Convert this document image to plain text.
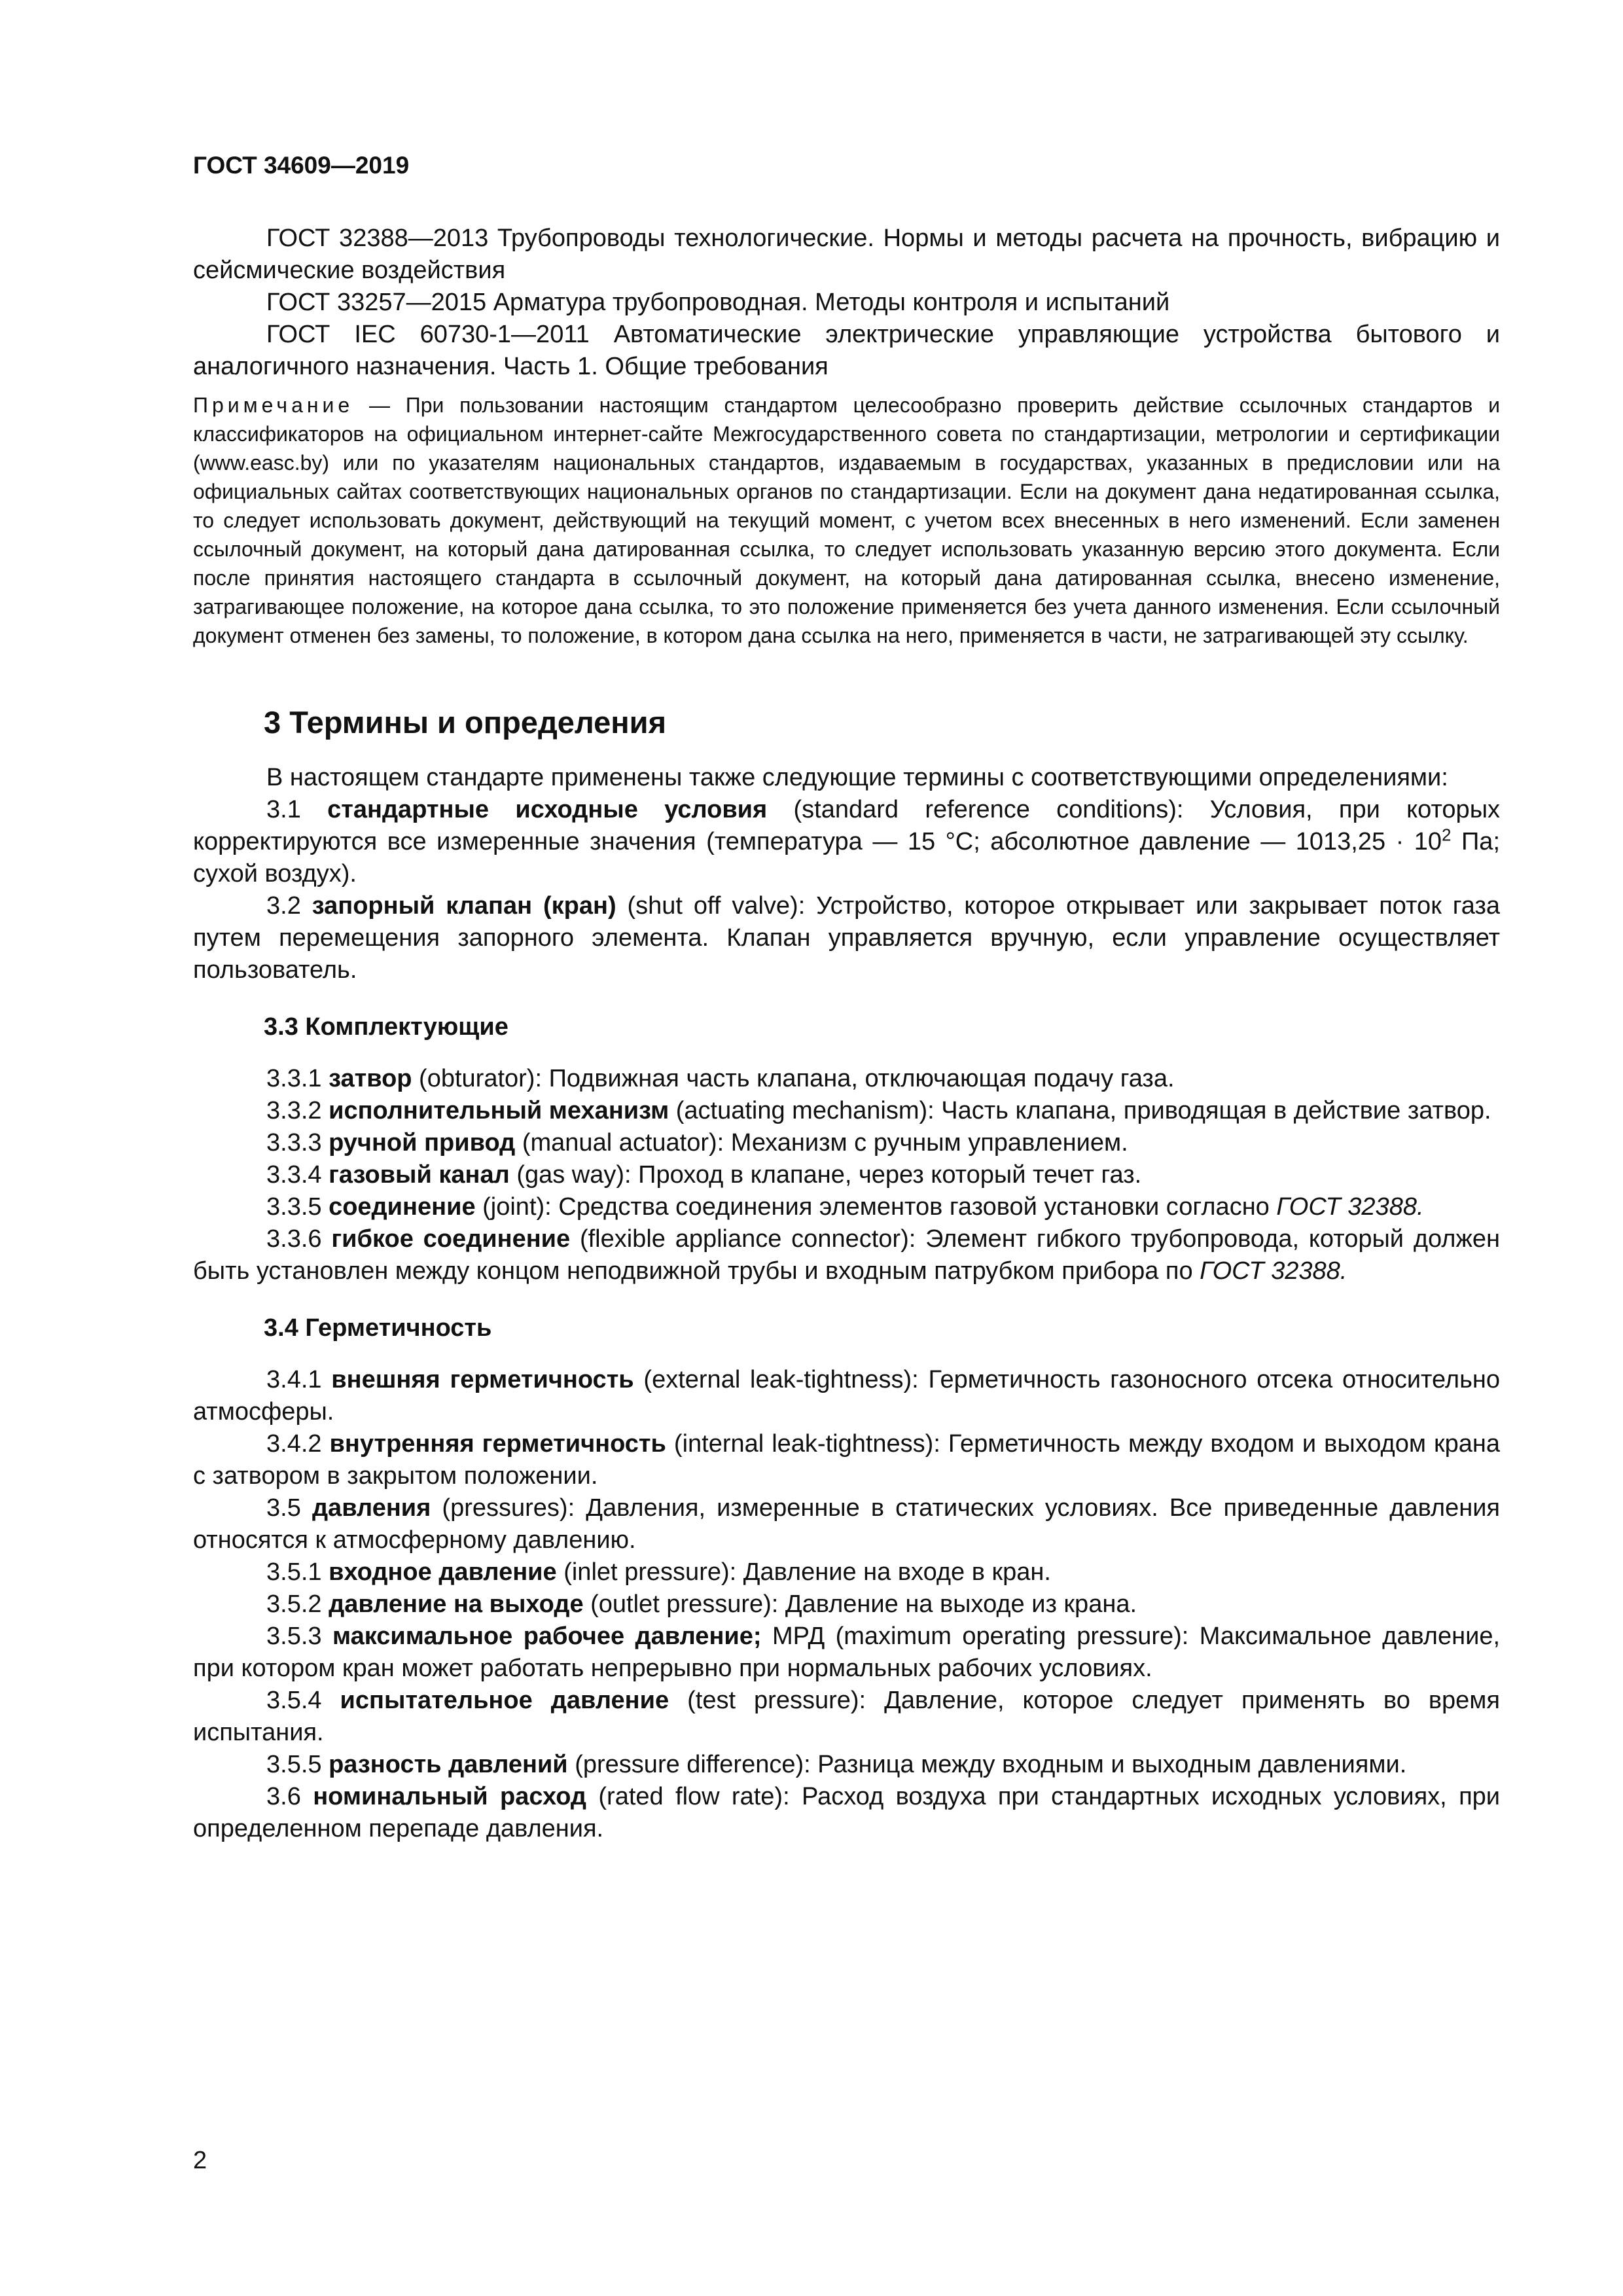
ГОСТ 34609—2019

ГОСТ 32388—2013 Трубопроводы технологические. Нормы и методы расчета на прочность, вибрацию и сейсмические воздействия

ГОСТ 33257—2015 Арматура трубопроводная. Методы контроля и испытаний

ГОСТ IEC 60730-1—2011 Автоматические электрические управляющие устройства бытового и аналогичного назначения. Часть 1. Общие требования

Примечание — При пользовании настоящим стандартом целесообразно проверить действие ссылочных стандартов и классификаторов на официальном интернет-сайте Межгосударственного совета по стандартизации, метрологии и сертификации (www.easc.by) или по указателям национальных стандартов, издаваемым в государствах, указанных в предисловии или на официальных сайтах соответствующих национальных органов по стандартизации. Если на документ дана недатированная ссылка, то следует использовать документ, действующий на текущий момент, с учетом всех внесенных в него изменений. Если заменен ссылочный документ, на который дана датированная ссылка, то следует использовать указанную версию этого документа. Если после принятия настоящего стандарта в ссылочный документ, на который дана датированная ссылка, внесено изменение, затрагивающее положение, на которое дана ссылка, то это положение применяется без учета данного изменения. Если ссылочный документ отменен без замены, то положение, в котором дана ссылка на него, применяется в части, не затрагивающей эту ссылку.

3 Термины и определения

В настоящем стандарте применены также следующие термины с соответствующими определениями:

3.1 стандартные исходные условия (standard reference conditions): Условия, при которых корректируются все измеренные значения (температура — 15 °C; абсолютное давление — $1013,25 \cdot 10^2$ Па; сухой воздух).

3.2 запорный клапан (кран) (shut off valve): Устройство, которое открывает или закрывает поток газа путем перемещения запорного элемента. Клапан управляется вручную, если управление осуществляет пользователь.

3.3 Комплектующие

3.3.1 затвор (obturator): Подвижная часть клапана, отключающая подачу газа.

3.3.2 исполнительный механизм (actuating mechanism): Часть клапана, приводящая в действие затвор.

3.3.3 ручной привод (manual actuator): Механизм с ручным управлением.

3.3.4 газовый канал (gas way): Проход в клапане, через который течет газ.

3.3.5 соединение (joint): Средства соединения элементов газовой установки согласно ГОСТ 32388.

3.3.6 гибкое соединение (flexible appliance connector): Элемент гибкого трубопровода, который должен быть установлен между концом неподвижной трубы и входным патрубком прибора по ГОСТ 32388.

3.4 Герметичность

3.4.1 внешняя герметичность (external leak-tightness): Герметичность газоносного отсека относительно атмосферы.

3.4.2 внутренняя герметичность (internal leak-tightness): Герметичность между входом и выходом крана с затвором в закрытом положении.

3.5 давления (pressures): Давления, измеренные в статических условиях. Все приведенные давления относятся к атмосферному давлению.

3.5.1 входное давление (inlet pressure): Давление на входе в кран.

3.5.2 давление на выходе (outlet pressure): Давление на выходе из крана.

3.5.3 максимальное рабочее давление; МРД (maximum operating pressure): Максимальное давление, при котором кран может работать непрерывно при нормальных рабочих условиях.

3.5.4 испытательное давление (test pressure): Давление, которое следует применять во время испытания.

3.5.5 разность давлений (pressure difference): Разница между входным и выходным давлениями.

3.6 номинальный расход (rated flow rate): Расход воздуха при стандартных исходных условиях, при определенном перепаде давления.

2
